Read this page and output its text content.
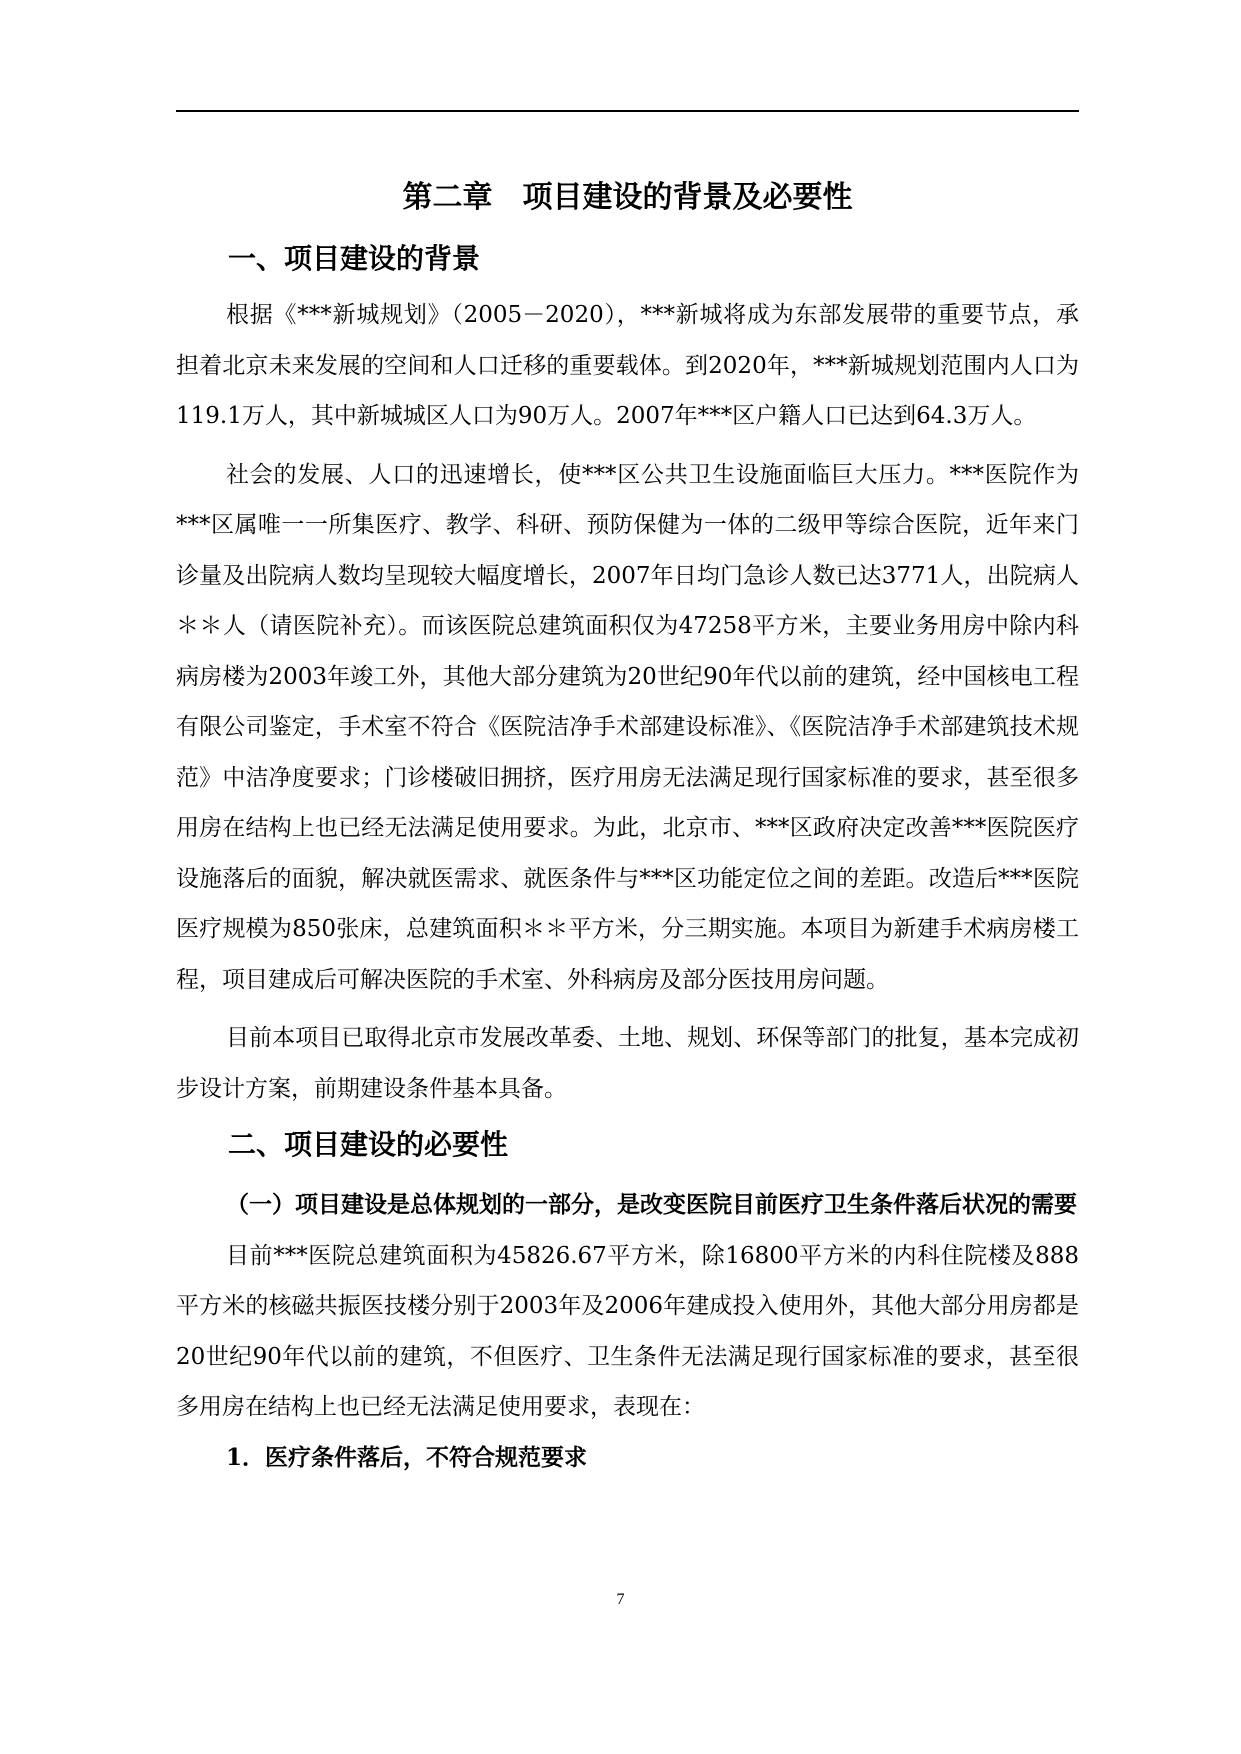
第二章　项目建设的背景及必要性
一、项目建设的背景

根据《***新城规划》（2005－2020），***新城将成为东部发展带的重要节点，承担着北京未来发展的空间和人口迁移的重要载体。到2020年，***新城规划范围内人口为119.1万人，其中新城城区人口为90万人。2007年***区户籍人口已达到64.3万人。

社会的发展、人口的迅速增长，使***区公共卫生设施面临巨大压力。***医院作为***区属唯一一所集医疗、教学、科研、预防保健为一体的二级甲等综合医院，近年来门诊量及出院病人数均呈现较大幅度增长，2007年日均门急诊人数已达3771人，出院病人＊＊人（请医院补充）。而该医院总建筑面积仅为47258平方米，主要业务用房中除内科病房楼为2003年竣工外，其他大部分建筑为20世纪90年代以前的建筑，经中国核电工程有限公司鉴定，手术室不符合《医院洁净手术部建设标准》、《医院洁净手术部建筑技术规范》中洁净度要求；门诊楼破旧拥挤，医疗用房无法满足现行国家标准的要求，甚至很多用房在结构上也已经无法满足使用要求。为此，北京市、***区政府决定改善***医院医疗设施落后的面貌，解决就医需求、就医条件与***区功能定位之间的差距。改造后***医院医疗规模为850张床，总建筑面积＊＊平方米，分三期实施。本项目为新建手术病房楼工程，项目建成后可解决医院的手术室、外科病房及部分医技用房问题。

目前本项目已取得北京市发展改革委、土地、规划、环保等部门的批复，基本完成初步设计方案，前期建设条件基本具备。

二、项目建设的必要性

（一）项目建设是总体规划的一部分，是改变医院目前医疗卫生条件落后状况的需要

目前***医院总建筑面积为45826.67平方米，除16800平方米的内科住院楼及888平方米的核磁共振医技楼分别于2003年及2006年建成投入使用外，其他大部分用房都是20世纪90年代以前的建筑，不但医疗、卫生条件无法满足现行国家标准的要求，甚至很多用房在结构上也已经无法满足使用要求，表现在：

1．医疗条件落后，不符合规范要求

7
